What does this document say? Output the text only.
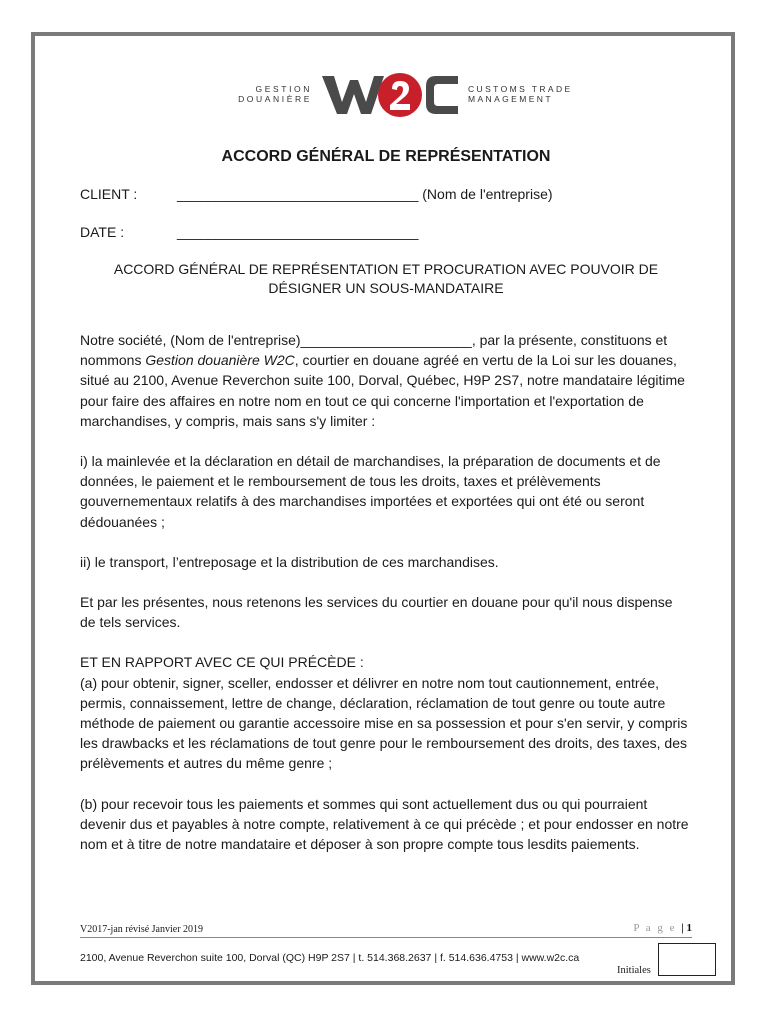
GESTION
DOUANIÈRE
W2C
CUSTOMS TRADE
MANAGEMENT
ACCORD GÉNÉRAL DE REPRÉSENTATION
CLIENT :	_______________________________ (Nom de l'entreprise)
DATE :	_______________________________
ACCORD GÉNÉRAL DE REPRÉSENTATION ET PROCURATION AVEC POUVOIR DE DÉSIGNER UN SOUS-MANDATAIRE

Notre société, (Nom de l'entreprise)______________________, par la présente, constituons et nommons Gestion douanière W2C, courtier en douane agréé en vertu de la Loi sur les douanes, situé au 2100, Avenue Reverchon suite 100, Dorval, Québec, H9P 2S7, notre mandataire légitime pour faire des affaires en notre nom en tout ce qui concerne l'importation et l'exportation de marchandises, y compris, mais sans s'y limiter :

i) la mainlevée et la déclaration en détail de marchandises, la préparation de documents et de données, le paiement et le remboursement de tous les droits, taxes et prélèvements gouvernementaux relatifs à des marchandises importées et exportées qui ont été ou seront dédouanées ;

ii) le transport, l’entreposage et la distribution de ces marchandises.

Et par les présentes, nous retenons les services du courtier en douane pour qu'il nous dispense de tels services.

ET EN RAPPORT AVEC CE QUI PRÉCÈDE :

(a) pour obtenir, signer, sceller, endosser et délivrer en notre nom tout cautionnement, entrée, permis, connaissement, lettre de change, déclaration, réclamation de tout genre ou toute autre méthode de paiement ou garantie accessoire mise en sa possession et pour s'en servir, y compris les drawbacks et les réclamations de tout genre pour le remboursement des droits, des taxes, des prélèvements et autres du même genre ;

(b) pour recevoir tous les paiements et sommes qui sont actuellement dus ou qui pourraient devenir dus et payables à notre compte, relativement à ce qui précède ; et pour endosser en notre nom et à titre de notre mandataire et déposer à son propre compte tous lesdits paiements.

V2017-jan révisé Janvier 2019	P a g e | 1
2100, Avenue Reverchon suite 100, Dorval (QC) H9P 2S7 | t. 514.368.2637 | f. 514.636.4753 | www.w2c.ca
Initiales
